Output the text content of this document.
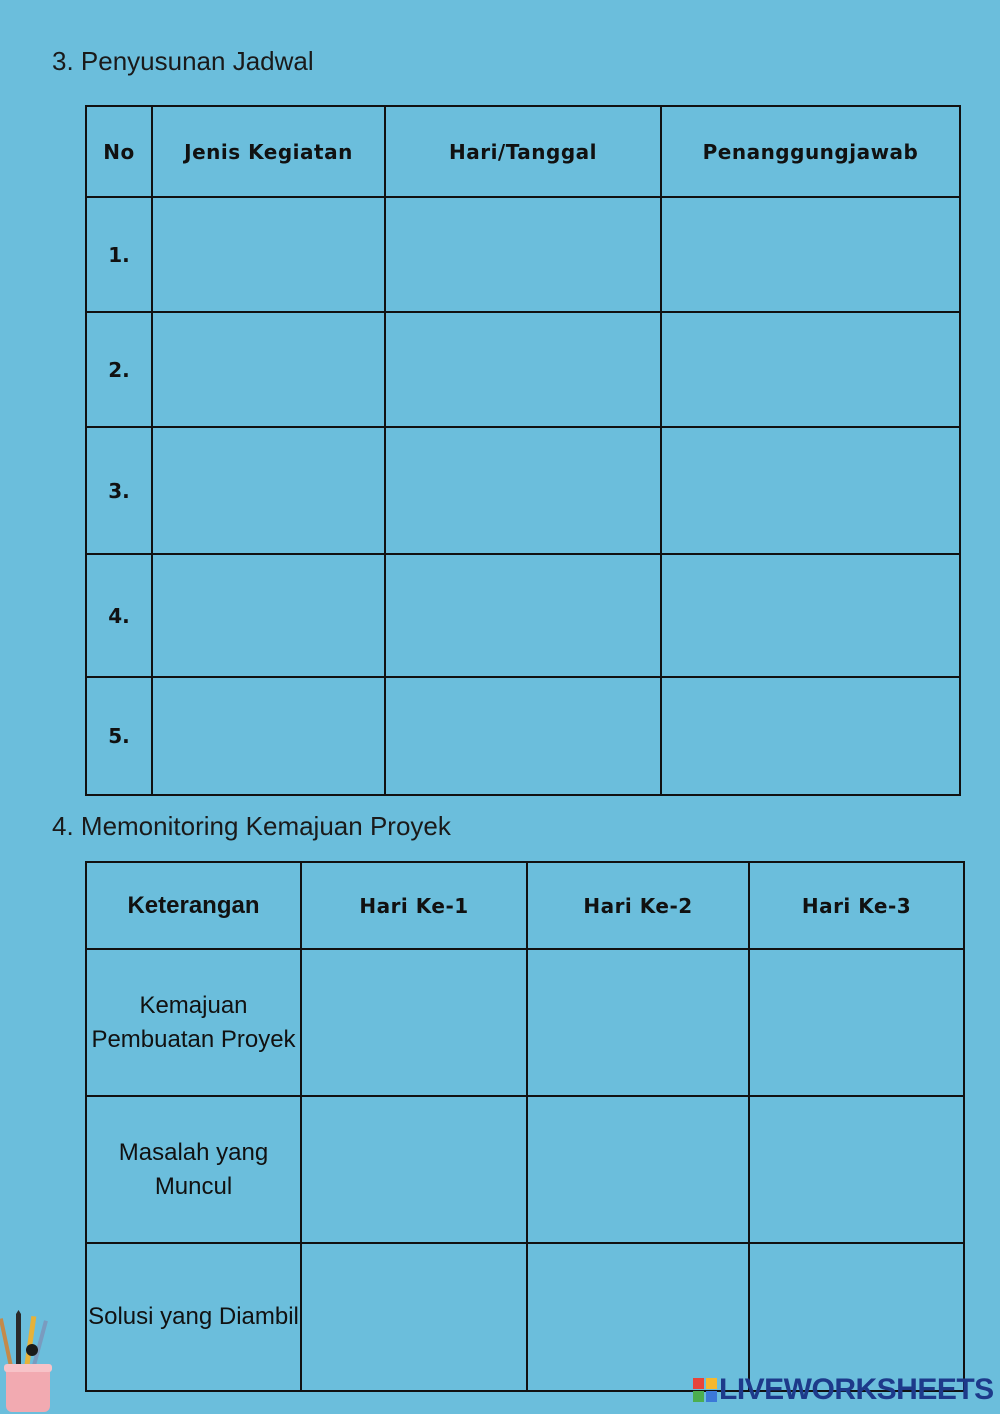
3. Penyusunan Jadwal
No	Jenis Kegiatan	Hari/Tanggal	Penanggungjawab
1.			
2.			
3.			
4.			
5.			
4. Memonitoring Kemajuan Proyek
Keterangan	Hari Ke-1	Hari Ke-2	Hari Ke-3
Kemajuan Pembuatan Proyek			
Masalah yang Muncul			
Solusi yang Diambil			
LIVEWORKSHEETS
